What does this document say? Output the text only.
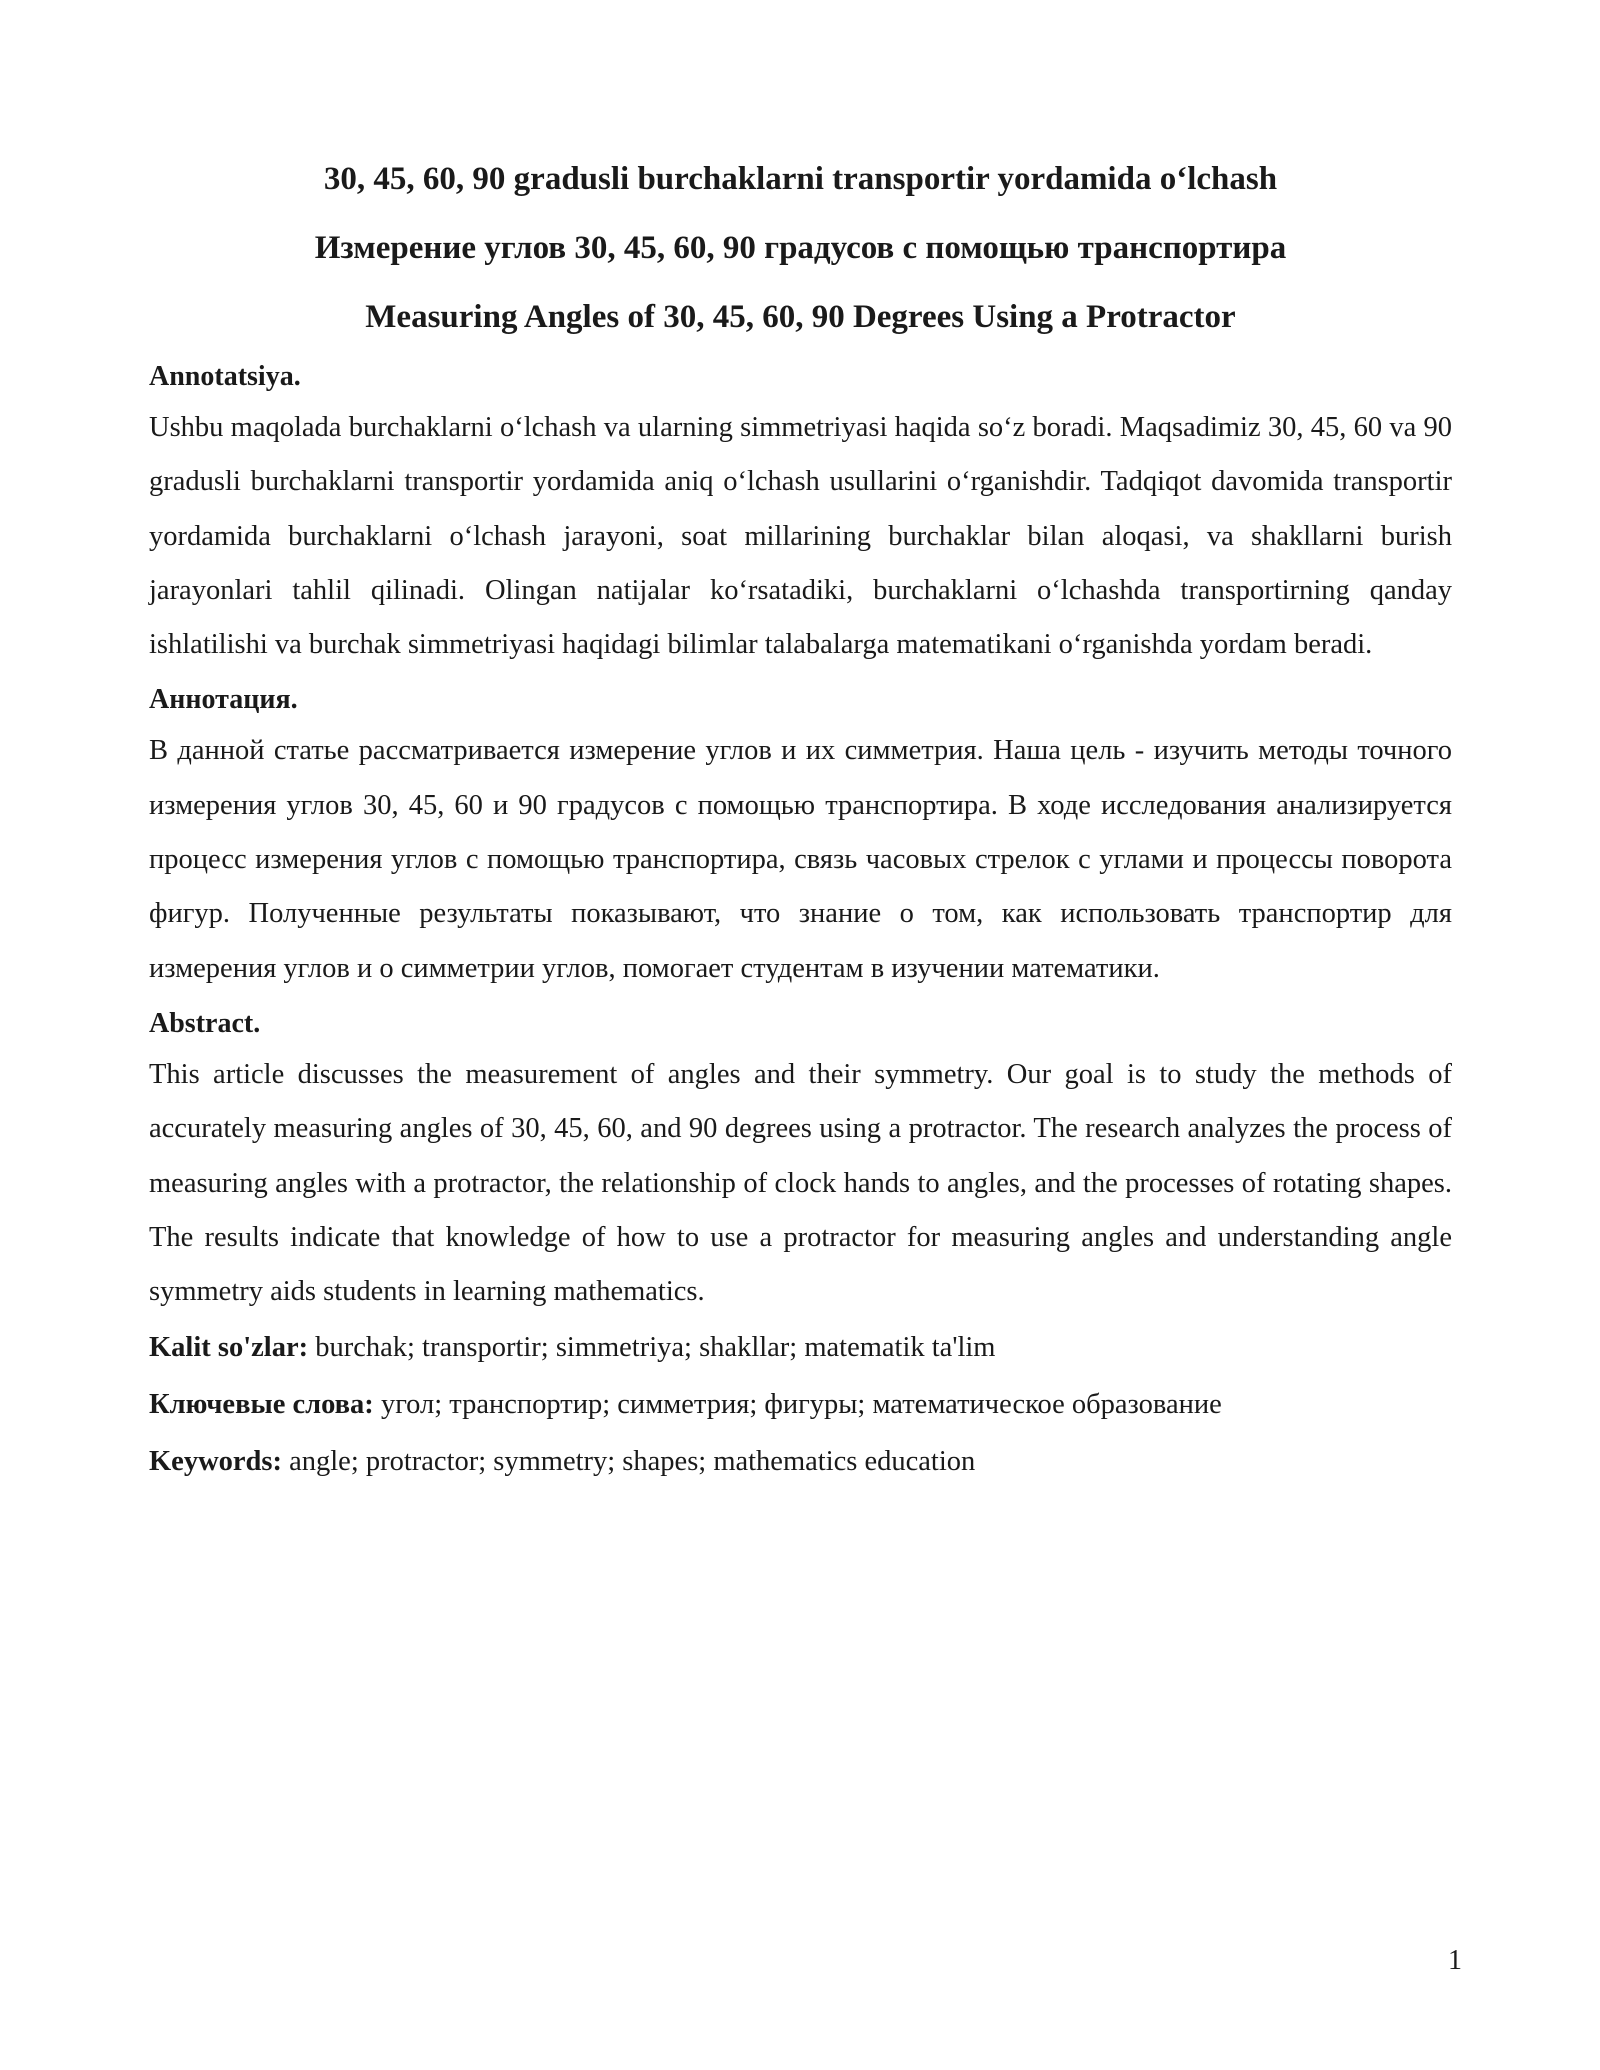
30, 45, 60, 90 gradusli burchaklarni transportir yordamida o‘lchash
Измерение углов 30, 45, 60, 90 градусов с помощью транспортира
Measuring Angles of 30, 45, 60, 90 Degrees Using a Protractor

Annotatsiya.

Ushbu maqolada burchaklarni o‘lchash va ularning simmetriyasi haqida so‘z boradi. Maqsadimiz 30, 45, 60 va 90 gradusli burchaklarni transportir yordamida aniq o‘lchash usullarini o‘rganishdir. Tadqiqot davomida transportir yordamida burchaklarni o‘lchash jarayoni, soat millarining burchaklar bilan aloqasi, va shakllarni burish jarayonlari tahlil qilinadi. Olingan natijalar ko‘rsatadiki, burchaklarni o‘lchashda transportirning qanday ishlatilishi va burchak simmetriyasi haqidagi bilimlar talabalarga matematikani o‘rganishda yordam beradi.

Аннотация.

В данной статье рассматривается измерение углов и их симметрия. Наша цель - изучить методы точного измерения углов 30, 45, 60 и 90 градусов с помощью транспортира. В ходе исследования анализируется процесс измерения углов с помощью транспортира, связь часовых стрелок с углами и процессы поворота фигур. Полученные результаты показывают, что знание о том, как использовать транспортир для измерения углов и о симметрии углов, помогает студентам в изучении математики.

Abstract.

This article discusses the measurement of angles and their symmetry. Our goal is to study the methods of accurately measuring angles of 30, 45, 60, and 90 degrees using a protractor. The research analyzes the process of measuring angles with a protractor, the relationship of clock hands to angles, and the processes of rotating shapes. The results indicate that knowledge of how to use a protractor for measuring angles and understanding angle symmetry aids students in learning mathematics.

Kalit so'zlar: burchak; transportir; simmetriya; shakllar; matematik ta'lim

Ключевые слова: угол; транспортир; симметрия; фигуры; математическое образование

Keywords: angle; protractor; symmetry; shapes; mathematics education

1
